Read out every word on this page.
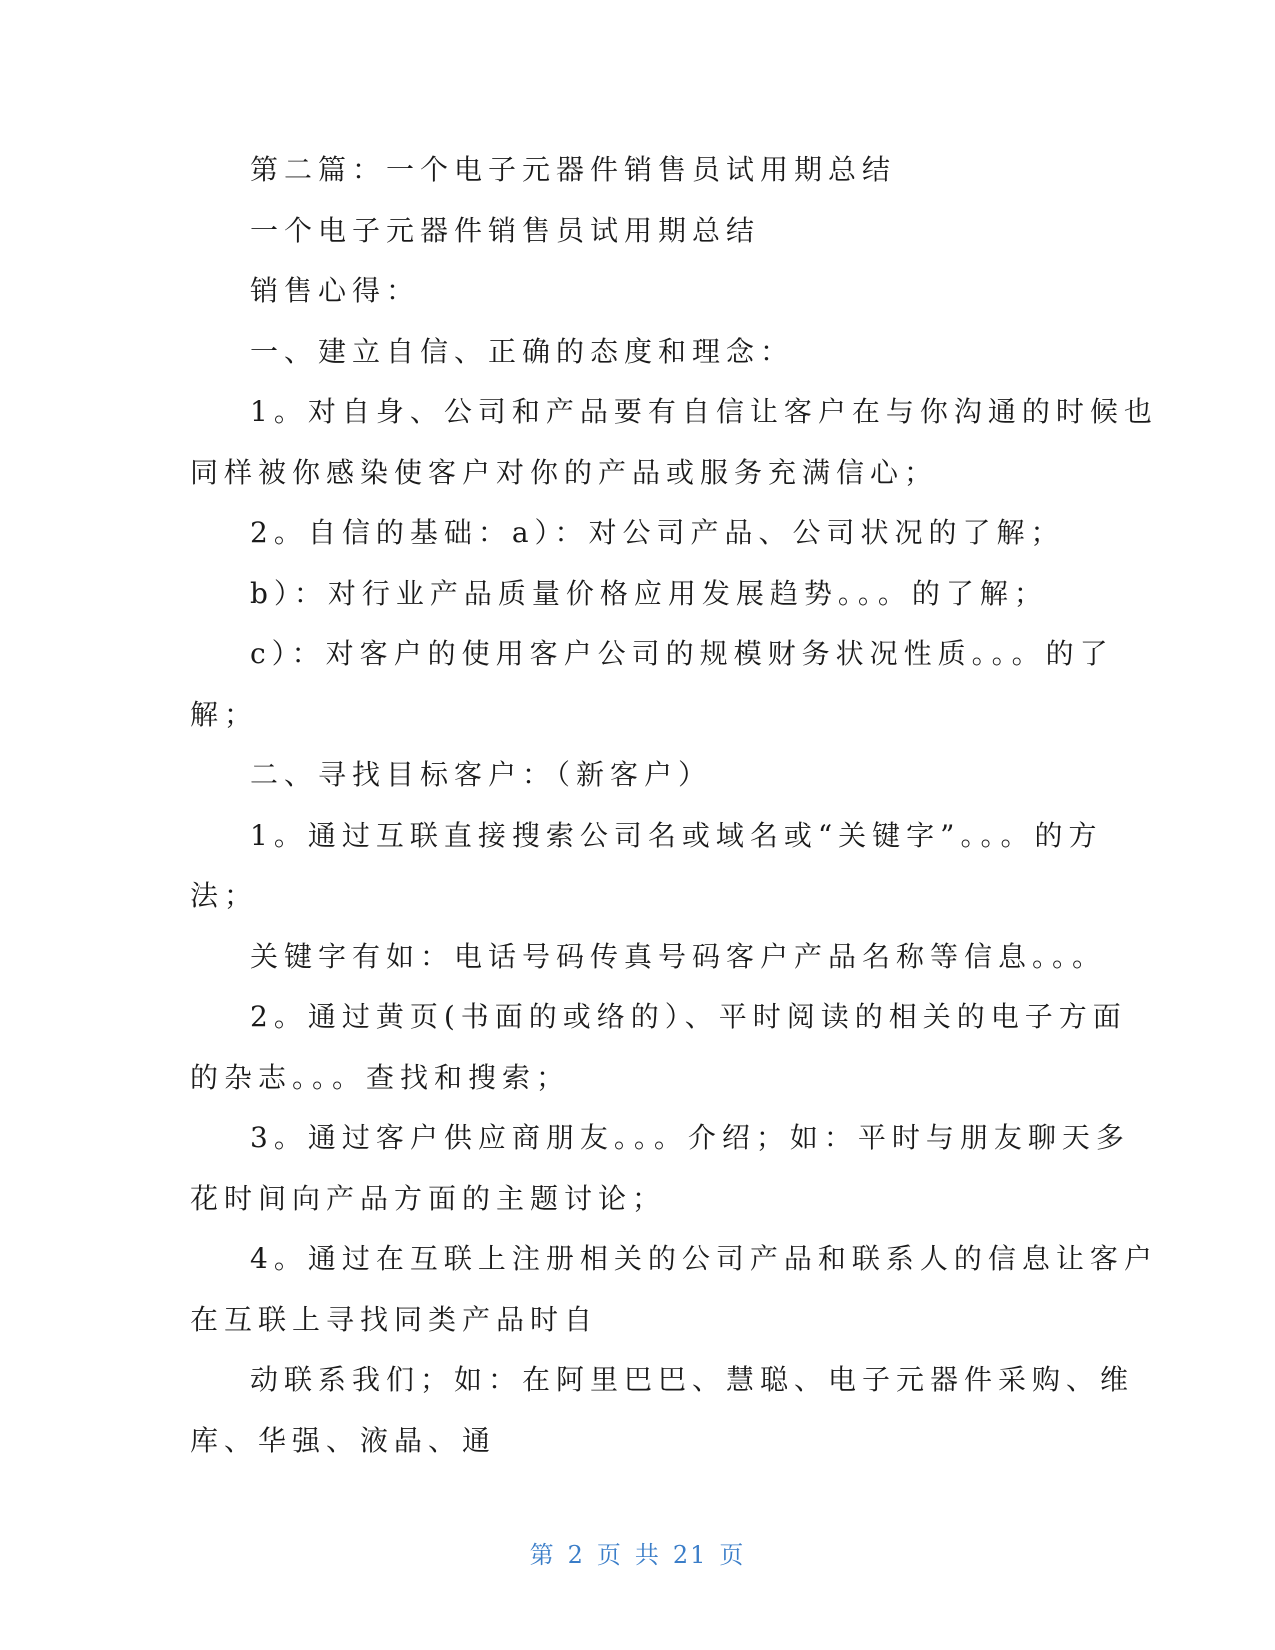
第二篇：一个电子元器件销售员试用期总结
一个电子元器件销售员试用期总结
销售心得：
一、建立自信、正确的态度和理念：
1。对自身、公司和产品要有自信让客户在与你沟通的时候也
同样被你感染使客户对你的产品或服务充满信心；
2。自信的基础：a）：对公司产品、公司状况的了解；
b）：对行业产品质量价格应用发展趋势。。。的了解；
c）：对客户的使用客户公司的规模财务状况性质。。。的了
解；
二、寻找目标客户：（新客户）
1。通过互联直接搜索公司名或域名或“关键字”。。。的方
法；
关键字有如：电话号码传真号码客户产品名称等信息。。。
2。通过黄页(书面的或络的）、平时阅读的相关的电子方面
的杂志。。。查找和搜索；
3。通过客户供应商朋友。。。介绍；如：平时与朋友聊天多
花时间向产品方面的主题讨论；
4。通过在互联上注册相关的公司产品和联系人的信息让客户
在互联上寻找同类产品时自
动联系我们；如：在阿里巴巴、慧聪、电子元器件采购、维
库、华强、液晶、通
第 2 页 共 21 页
